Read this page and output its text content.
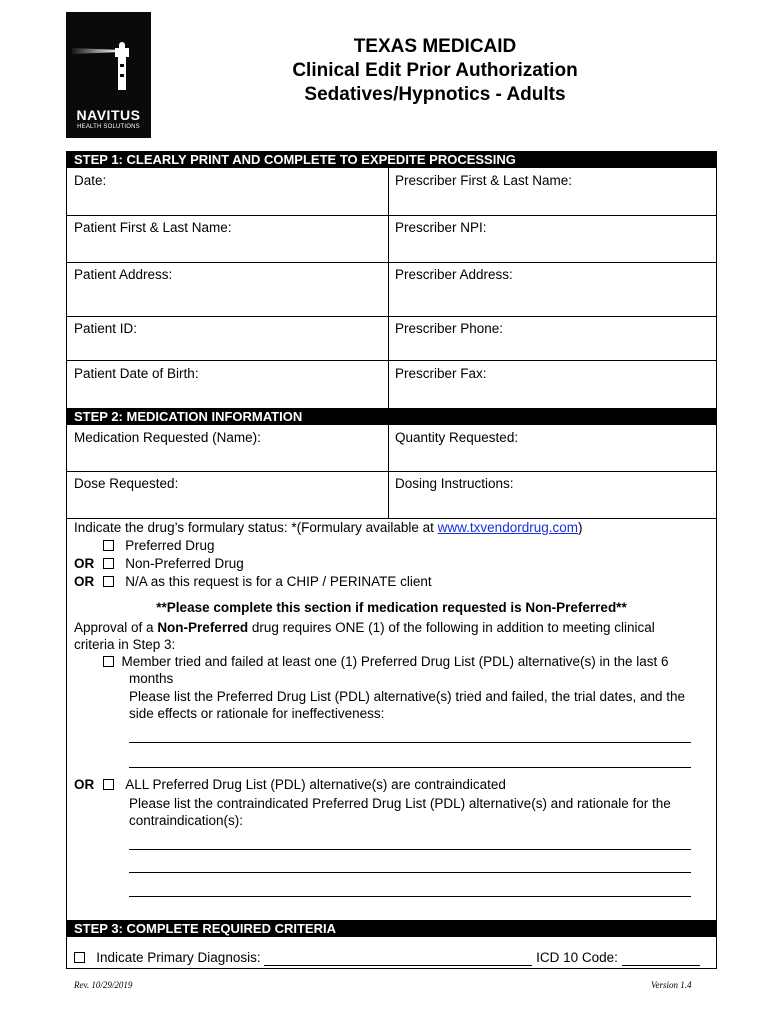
NAVITUS
HEALTH SOLUTIONS
TEXAS MEDICAID
Clinical Edit Prior Authorization
Sedatives/Hypnotics - Adults
STEP 1: CLEARLY PRINT AND COMPLETE TO EXPEDITE PROCESSING
Date:	Prescriber First & Last Name:
Patient First & Last Name:	Prescriber NPI:
Patient Address:	Prescriber Address:
Patient ID:	Prescriber Phone:
Patient Date of Birth:	Prescriber Fax:
STEP 2: MEDICATION INFORMATION
Medication Requested (Name):	Quantity Requested:
Dose Requested:	Dosing Instructions:
Indicate the drug’s formulary status: *(Formulary available at www.txvendordrug.com)
Preferred Drug
OR	Non-Preferred Drug
OR	N/A as this request is for a CHIP / PERINATE client
**Please complete this section if medication requested is Non-Preferred**
Approval of a Non-Preferred drug requires ONE (1) of the following in addition to meeting clinical
criteria in Step 3:
Member tried and failed at least one (1) Preferred Drug List (PDL) alternative(s) in the last 6
months
Please list the Preferred Drug List (PDL) alternative(s) tried and failed, the trial dates, and the
side effects or rationale for ineffectiveness:
OR	ALL Preferred Drug List (PDL) alternative(s) are contraindicated
Please list the contraindicated Preferred Drug List (PDL) alternative(s) and rationale for the
contraindication(s):
STEP 3: COMPLETE REQUIRED CRITERIA
Indicate Primary Diagnosis:	ICD 10 Code:
Rev. 10/29/2019	Version 1.4
